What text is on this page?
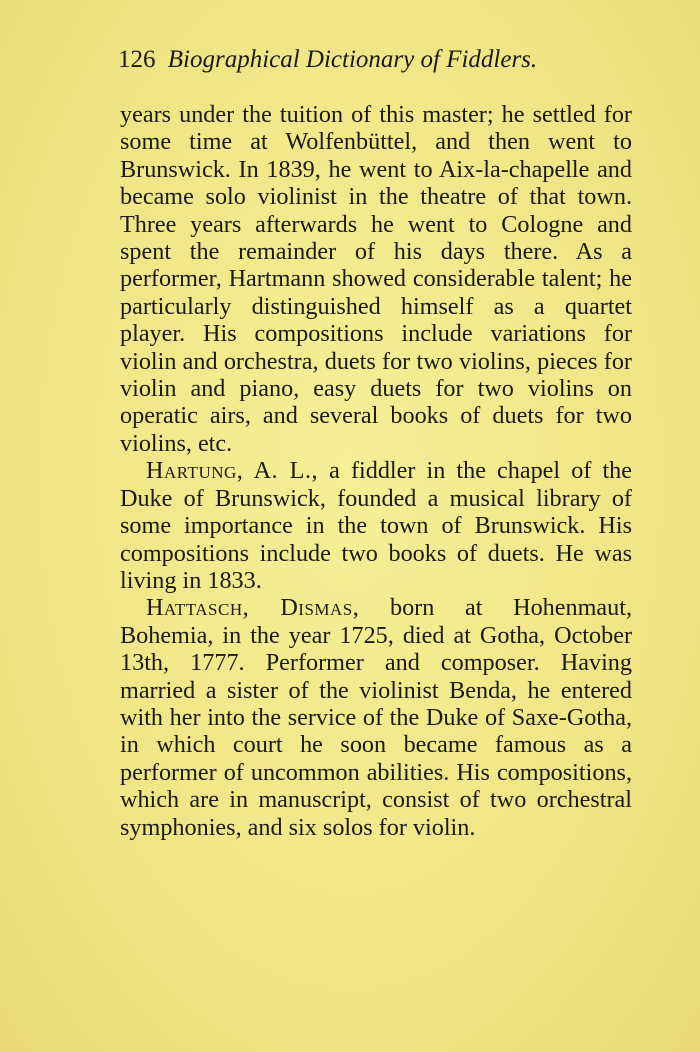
126 Biographical Dictionary of Fiddlers.

years under the tuition of this master; he settled for some time at Wolfenbüttel, and then went to Brunswick. In 1839, he went to Aix-la-chapelle and became solo violinist in the theatre of that town. Three years afterwards he went to Cologne and spent the remainder of his days there. As a performer, Hartmann showed considerable talent; he particularly distinguished himself as a quartet player. His compositions include variations for violin and orchestra, duets for two violins, pieces for violin and piano, easy duets for two violins on operatic airs, and several books of duets for two violins, etc.

Hartung, A. L., a fiddler in the chapel of the Duke of Brunswick, founded a musical library of some importance in the town of Brunswick. His compositions include two books of duets. He was living in 1833.

Hattasch, Dismas, born at Hohenmaut, Bohemia, in the year 1725, died at Gotha, October 13th, 1777. Performer and composer. Having married a sister of the violinist Benda, he entered with her into the service of the Duke of Saxe-Gotha, in which court he soon became famous as a performer of uncommon abilities. His compositions, which are in manuscript, consist of two orchestral symphonies, and six solos for violin.
